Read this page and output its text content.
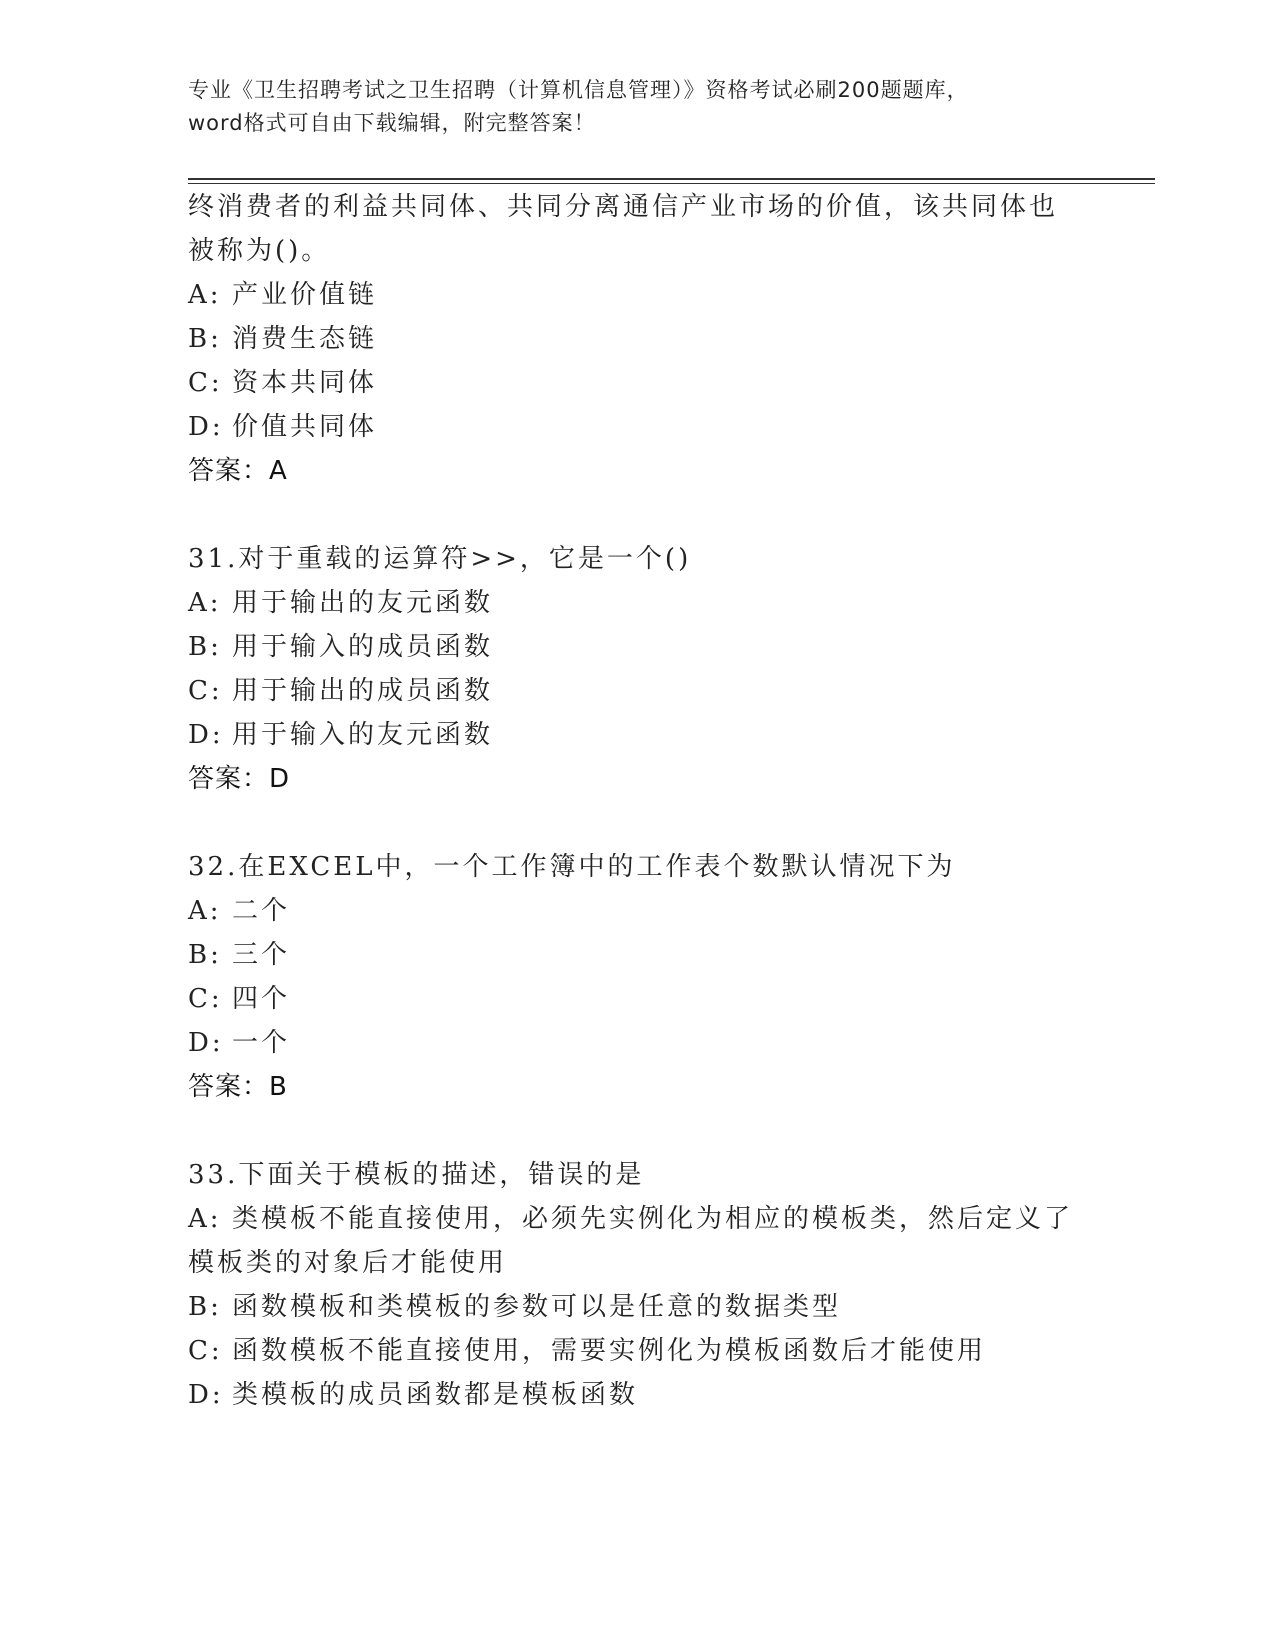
专业《卫生招聘考试之卫生招聘（计算机信息管理）》资格考试必刷200题题库，
word格式可自由下载编辑，附完整答案！
终消费者的利益共同体、共同分离通信产业市场的价值，该共同体也
被称为()。
A: 产业价值链
B: 消费生态链
C: 资本共同体
D: 价值共同体
答案：A
31.对于重载的运算符>>，它是一个()
A: 用于输出的友元函数
B: 用于输入的成员函数
C: 用于输出的成员函数
D: 用于输入的友元函数
答案：D
32.在EXCEL中，一个工作簿中的工作表个数默认情况下为
A: 二个
B: 三个
C: 四个
D: 一个
答案：B
33.下面关于模板的描述，错误的是
A: 类模板不能直接使用，必须先实例化为相应的模板类，然后定义了
模板类的对象后才能使用
B: 函数模板和类模板的参数可以是任意的数据类型
C: 函数模板不能直接使用，需要实例化为模板函数后才能使用
D: 类模板的成员函数都是模板函数
